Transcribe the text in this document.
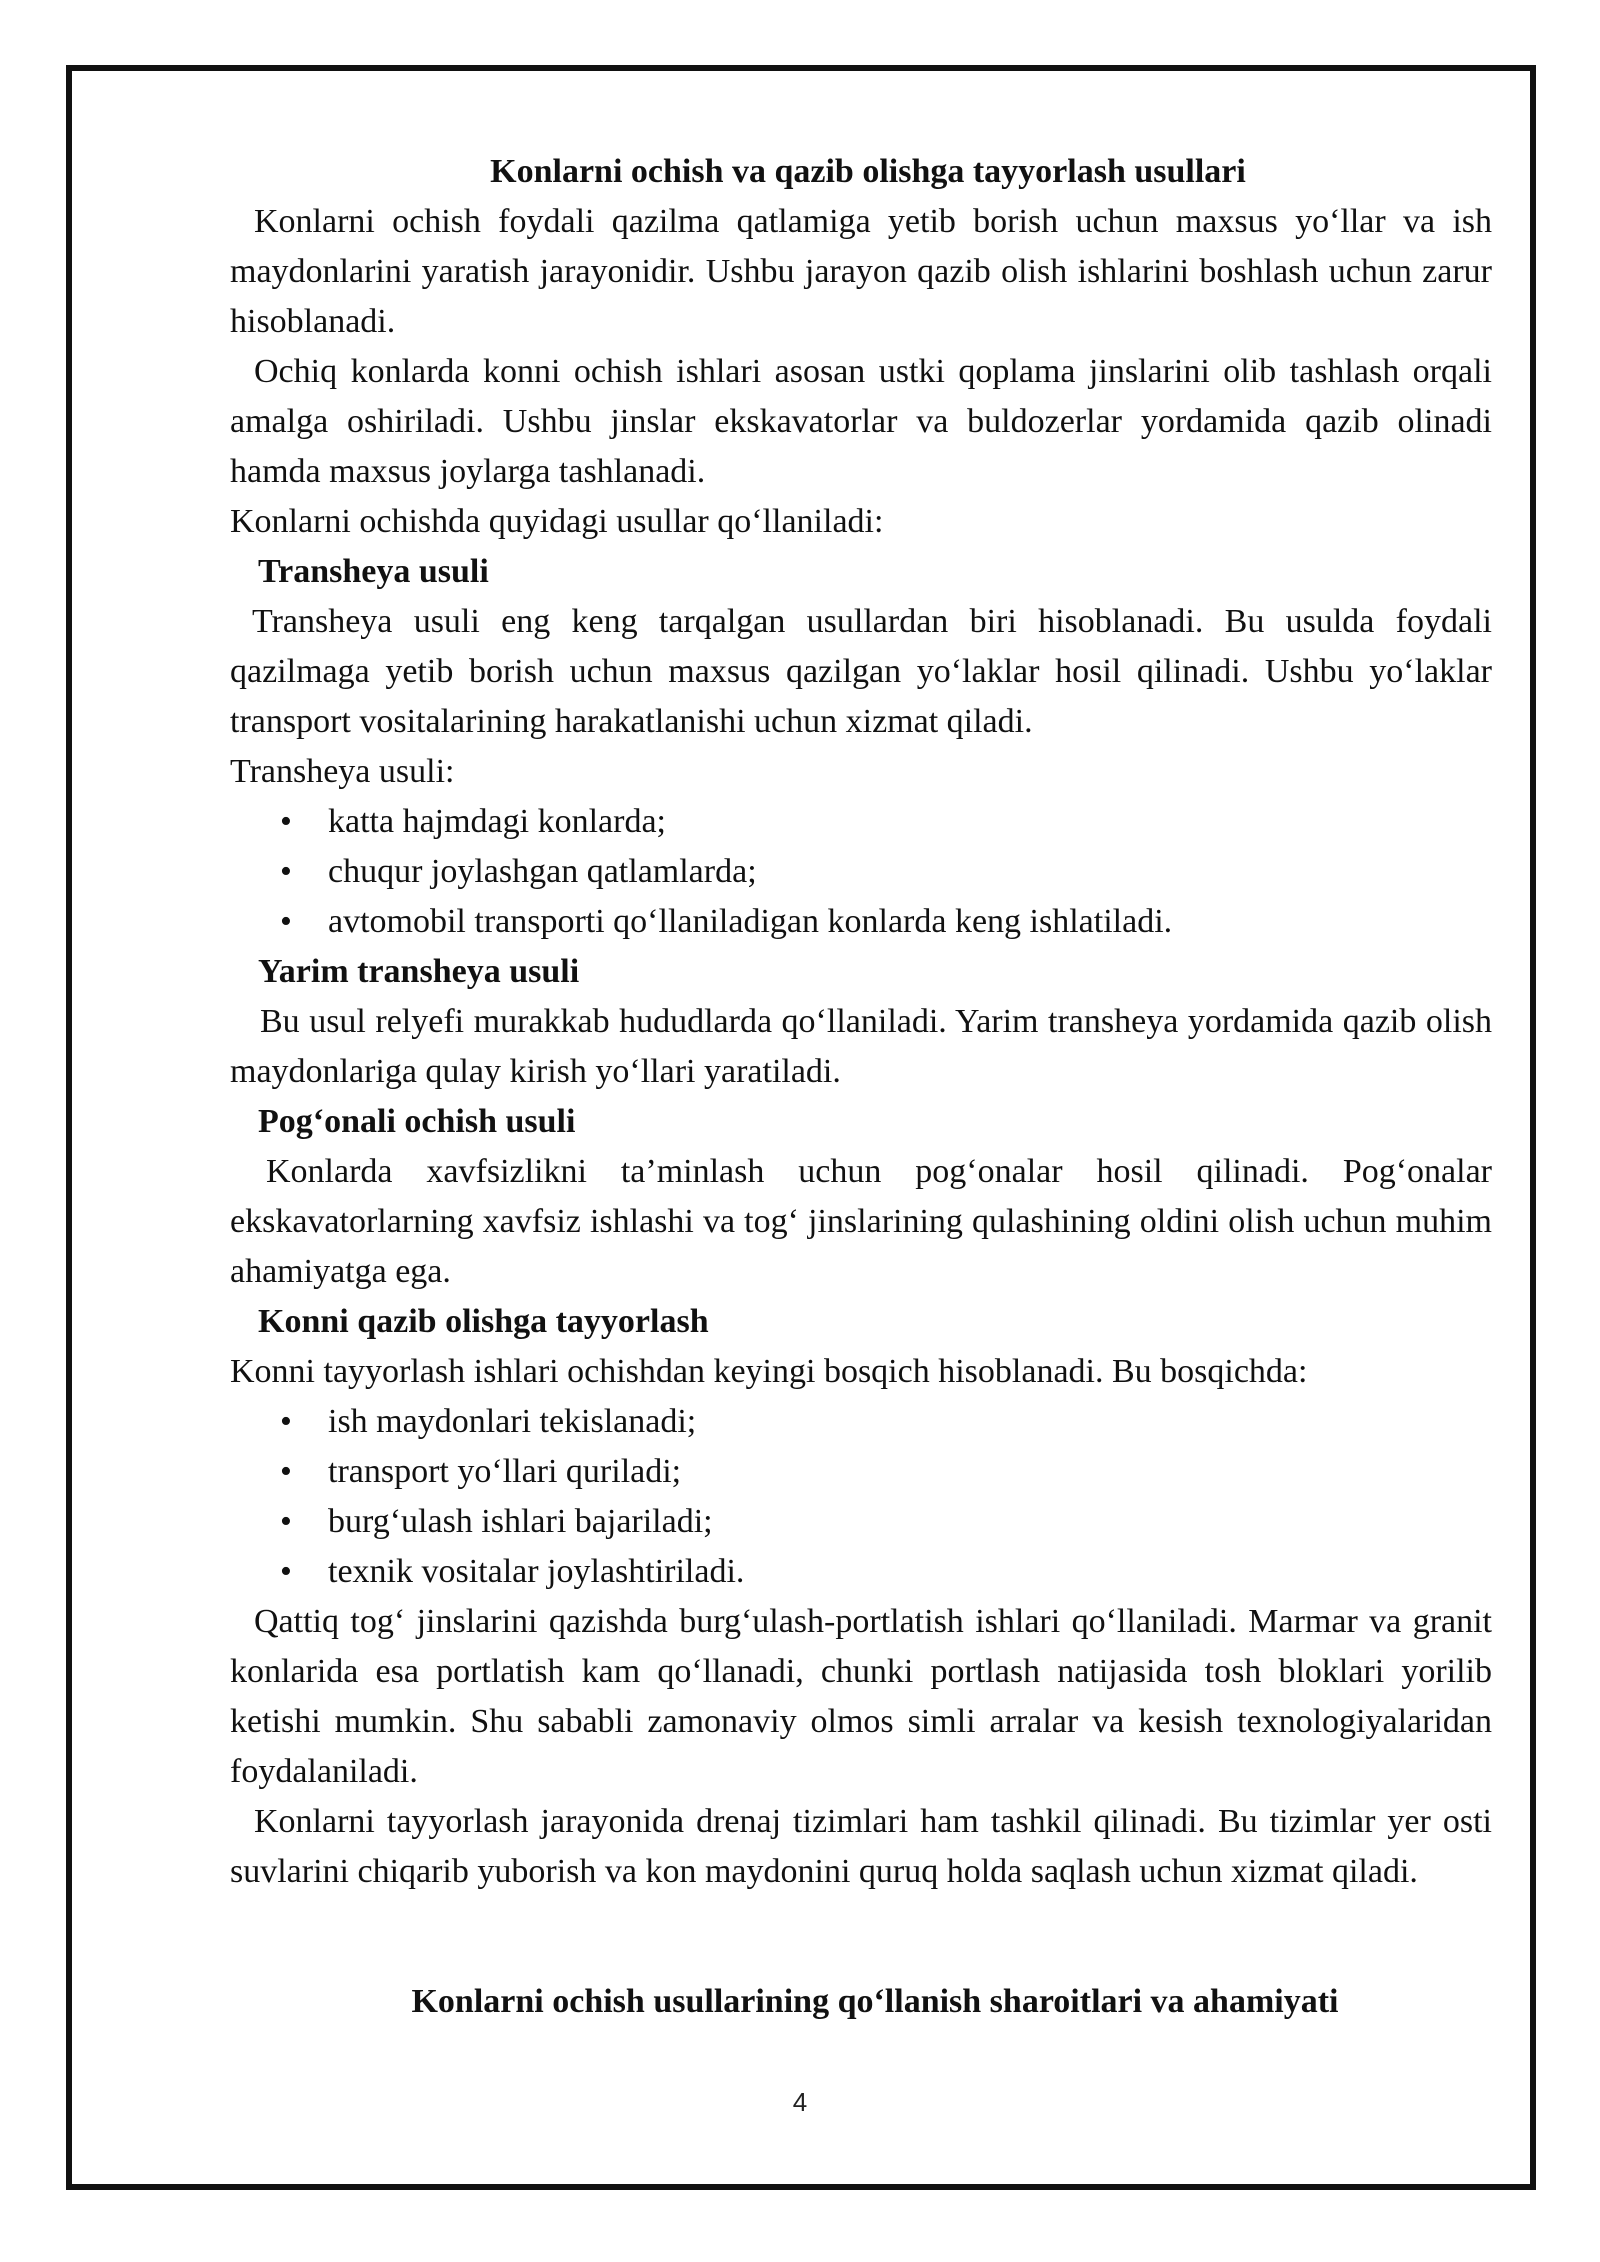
Konlarni ochish va qazib olishga tayyorlash usullari

Konlarni ochish foydali qazilma qatlamiga yetib borish uchun maxsus yo‘llar va ish maydonlarini yaratish jarayonidir. Ushbu jarayon qazib olish ishlarini boshlash uchun zarur hisoblanadi.

Ochiq konlarda konni ochish ishlari asosan ustki qoplama jinslarini olib tashlash orqali amalga oshiriladi. Ushbu jinslar ekskavatorlar va buldozerlar yordamida qazib olinadi hamda maxsus joylarga tashlanadi.

Konlarni ochishda quyidagi usullar qo‘llaniladi:

Transheya usuli

Transheya usuli eng keng tarqalgan usullardan biri hisoblanadi. Bu usulda foydali qazilmaga yetib borish uchun maxsus qazilgan yo‘laklar hosil qilinadi. Ushbu yo‘laklar transport vositalarining harakatlanishi uchun xizmat qiladi.

Transheya usuli:

• katta hajmdagi konlarda;
• chuqur joylashgan qatlamlarda;
• avtomobil transporti qo‘llaniladigan konlarda keng ishlatiladi.

Yarim transheya usuli

Bu usul relyefi murakkab hududlarda qo‘llaniladi. Yarim transheya yordamida qazib olish maydonlariga qulay kirish yo‘llari yaratiladi.

Pog‘onali ochish usuli

Konlarda xavfsizlikni ta’minlash uchun pog‘onalar hosil qilinadi. Pog‘onalar ekskavatorlarning xavfsiz ishlashi va tog‘ jinslarining qulashining oldini olish uchun muhim ahamiyatga ega.

Konni qazib olishga tayyorlash

Konni tayyorlash ishlari ochishdan keyingi bosqich hisoblanadi. Bu bosqichda:

• ish maydonlari tekislanadi;
• transport yo‘llari quriladi;
• burg‘ulash ishlari bajariladi;
• texnik vositalar joylashtiriladi.

Qattiq tog‘ jinslarini qazishda burg‘ulash-portlatish ishlari qo‘llaniladi. Marmar va granit konlarida esa portlatish kam qo‘llanadi, chunki portlash natijasida tosh bloklari yorilib ketishi mumkin. Shu sababli zamonaviy olmos simli arralar va kesish texnologiyalaridan foydalaniladi.

Konlarni tayyorlash jarayonida drenaj tizimlari ham tashkil qilinadi. Bu tizimlar yer osti suvlarini chiqarib yuborish va kon maydonini quruq holda saqlash uchun xizmat qiladi.

Konlarni ochish usullarining qo‘llanish sharoitlari va ahamiyati

4
